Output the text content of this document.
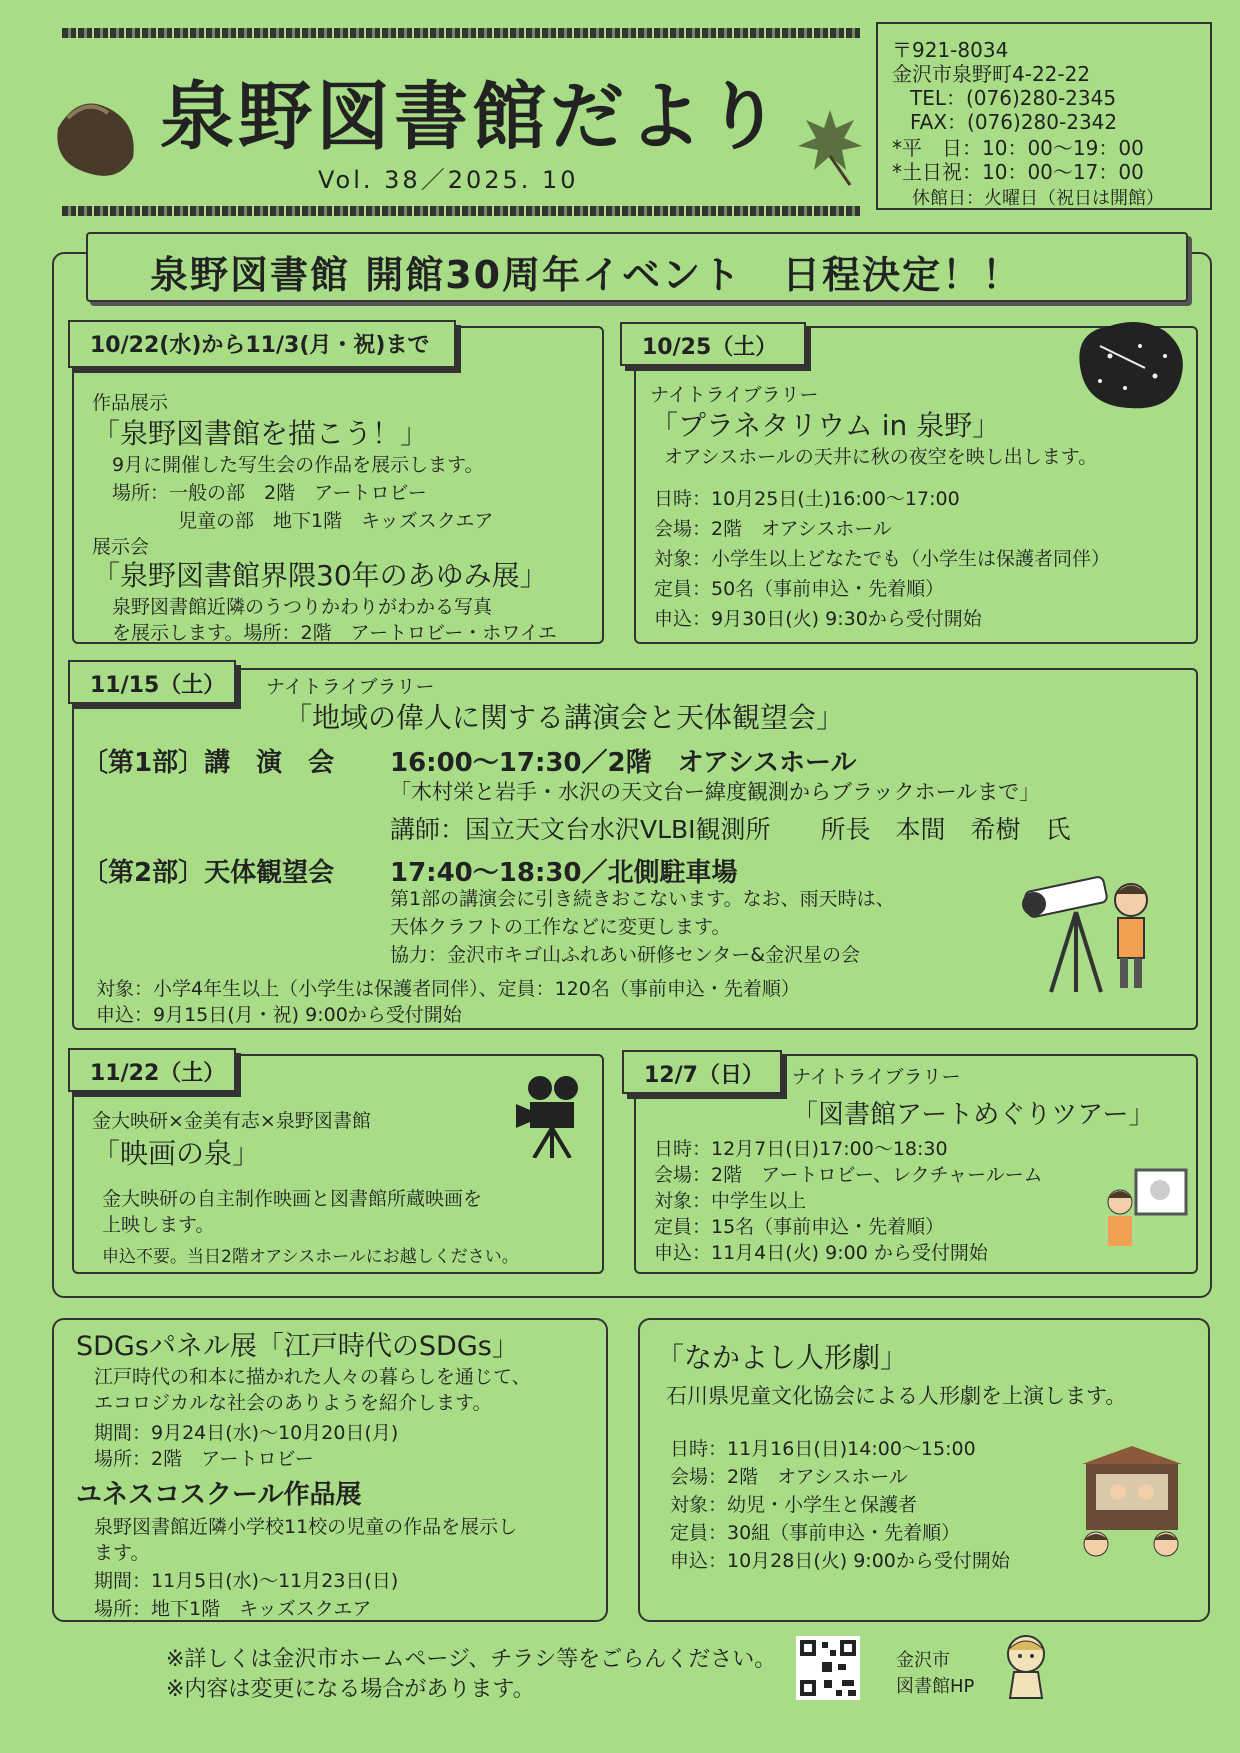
泉野図書館だより
Vol. 38／2025. 10
〒921-8034
金沢市泉野町4-22-22
TEL：(076)280-2345
FAX：(076)280-2342
*平　日：10：00～19：00
*土日祝：10：00～17：00
休館日：火曜日（祝日は開館）
泉野図書館 開館30周年イベント　日程決定！！
10/22(水)から11/3(月・祝)まで
作品展示
「泉野図書館を描こう！」
9月に開催した写生会の作品を展示します。
場所：一般の部　2階　アートロビー
児童の部　地下1階　キッズスクエア
展示会
「泉野図書館界隈30年のあゆみ展」
泉野図書館近隣のうつりかわりがわかる写真
を展示します。場所：2階　アートロビー・ホワイエ
10/25（土）
ナイトライブラリー
「プラネタリウム in 泉野」
オアシスホールの天井に秋の夜空を映し出します。
日時：10月25日(土)16:00～17:00
会場：2階　オアシスホール
対象：小学生以上どなたでも（小学生は保護者同伴）
定員：50名（事前申込・先着順）
申込：9月30日(火) 9:30から受付開始
11/15（土）	ナイトライブラリー
「地域の偉人に関する講演会と天体観望会」
〔第1部〕講　演　会 16:00～17:30／2階　オアシスホール
「木村栄と岩手・水沢の天文台ー緯度観測からブラックホールまで」
講師：国立天文台水沢VLBI観測所　　所長　本間　希樹　氏
〔第2部〕天体観望会 17:40～18:30／北側駐車場
第1部の講演会に引き続きおこないます。なお、雨天時は、
天体クラフトの工作などに変更します。
協力：金沢市キゴ山ふれあい研修センター&金沢星の会
対象：小学4年生以上（小学生は保護者同伴）、定員：120名（事前申込・先着順）
申込：9月15日(月・祝) 9:00から受付開始
11/22（土）
金大映研×金美有志×泉野図書館
「映画の泉」
金大映研の自主制作映画と図書館所蔵映画を
上映します。
申込不要。当日2階オアシスホールにお越しください。
12/7（日）	ナイトライブラリー
「図書館アートめぐりツアー」
日時：12月7日(日)17:00～18:30
会場：2階　アートロビー、レクチャールーム
対象：中学生以上
定員：15名（事前申込・先着順）
申込：11月4日(火) 9:00 から受付開始
SDGsパネル展「江戸時代のSDGs」
江戸時代の和本に描かれた人々の暮らしを通じて、
エコロジカルな社会のありようを紹介します。
期間：9月24日(水)～10月20日(月)
場所：2階　アートロビー
ユネスコスクール作品展
泉野図書館近隣小学校11校の児童の作品を展示し
ます。
期間：11月5日(水)～11月23日(日)
場所：地下1階　キッズスクエア
「なかよし人形劇」
石川県児童文化協会による人形劇を上演します。
日時：11月16日(日)14:00～15:00
会場：2階　オアシスホール
対象：幼児・小学生と保護者
定員：30組（事前申込・先着順）
申込：10月28日(火) 9:00から受付開始
※詳しくは金沢市ホームページ、チラシ等をごらんください。
※内容は変更になる場合があります。
金沢市
図書館HP
